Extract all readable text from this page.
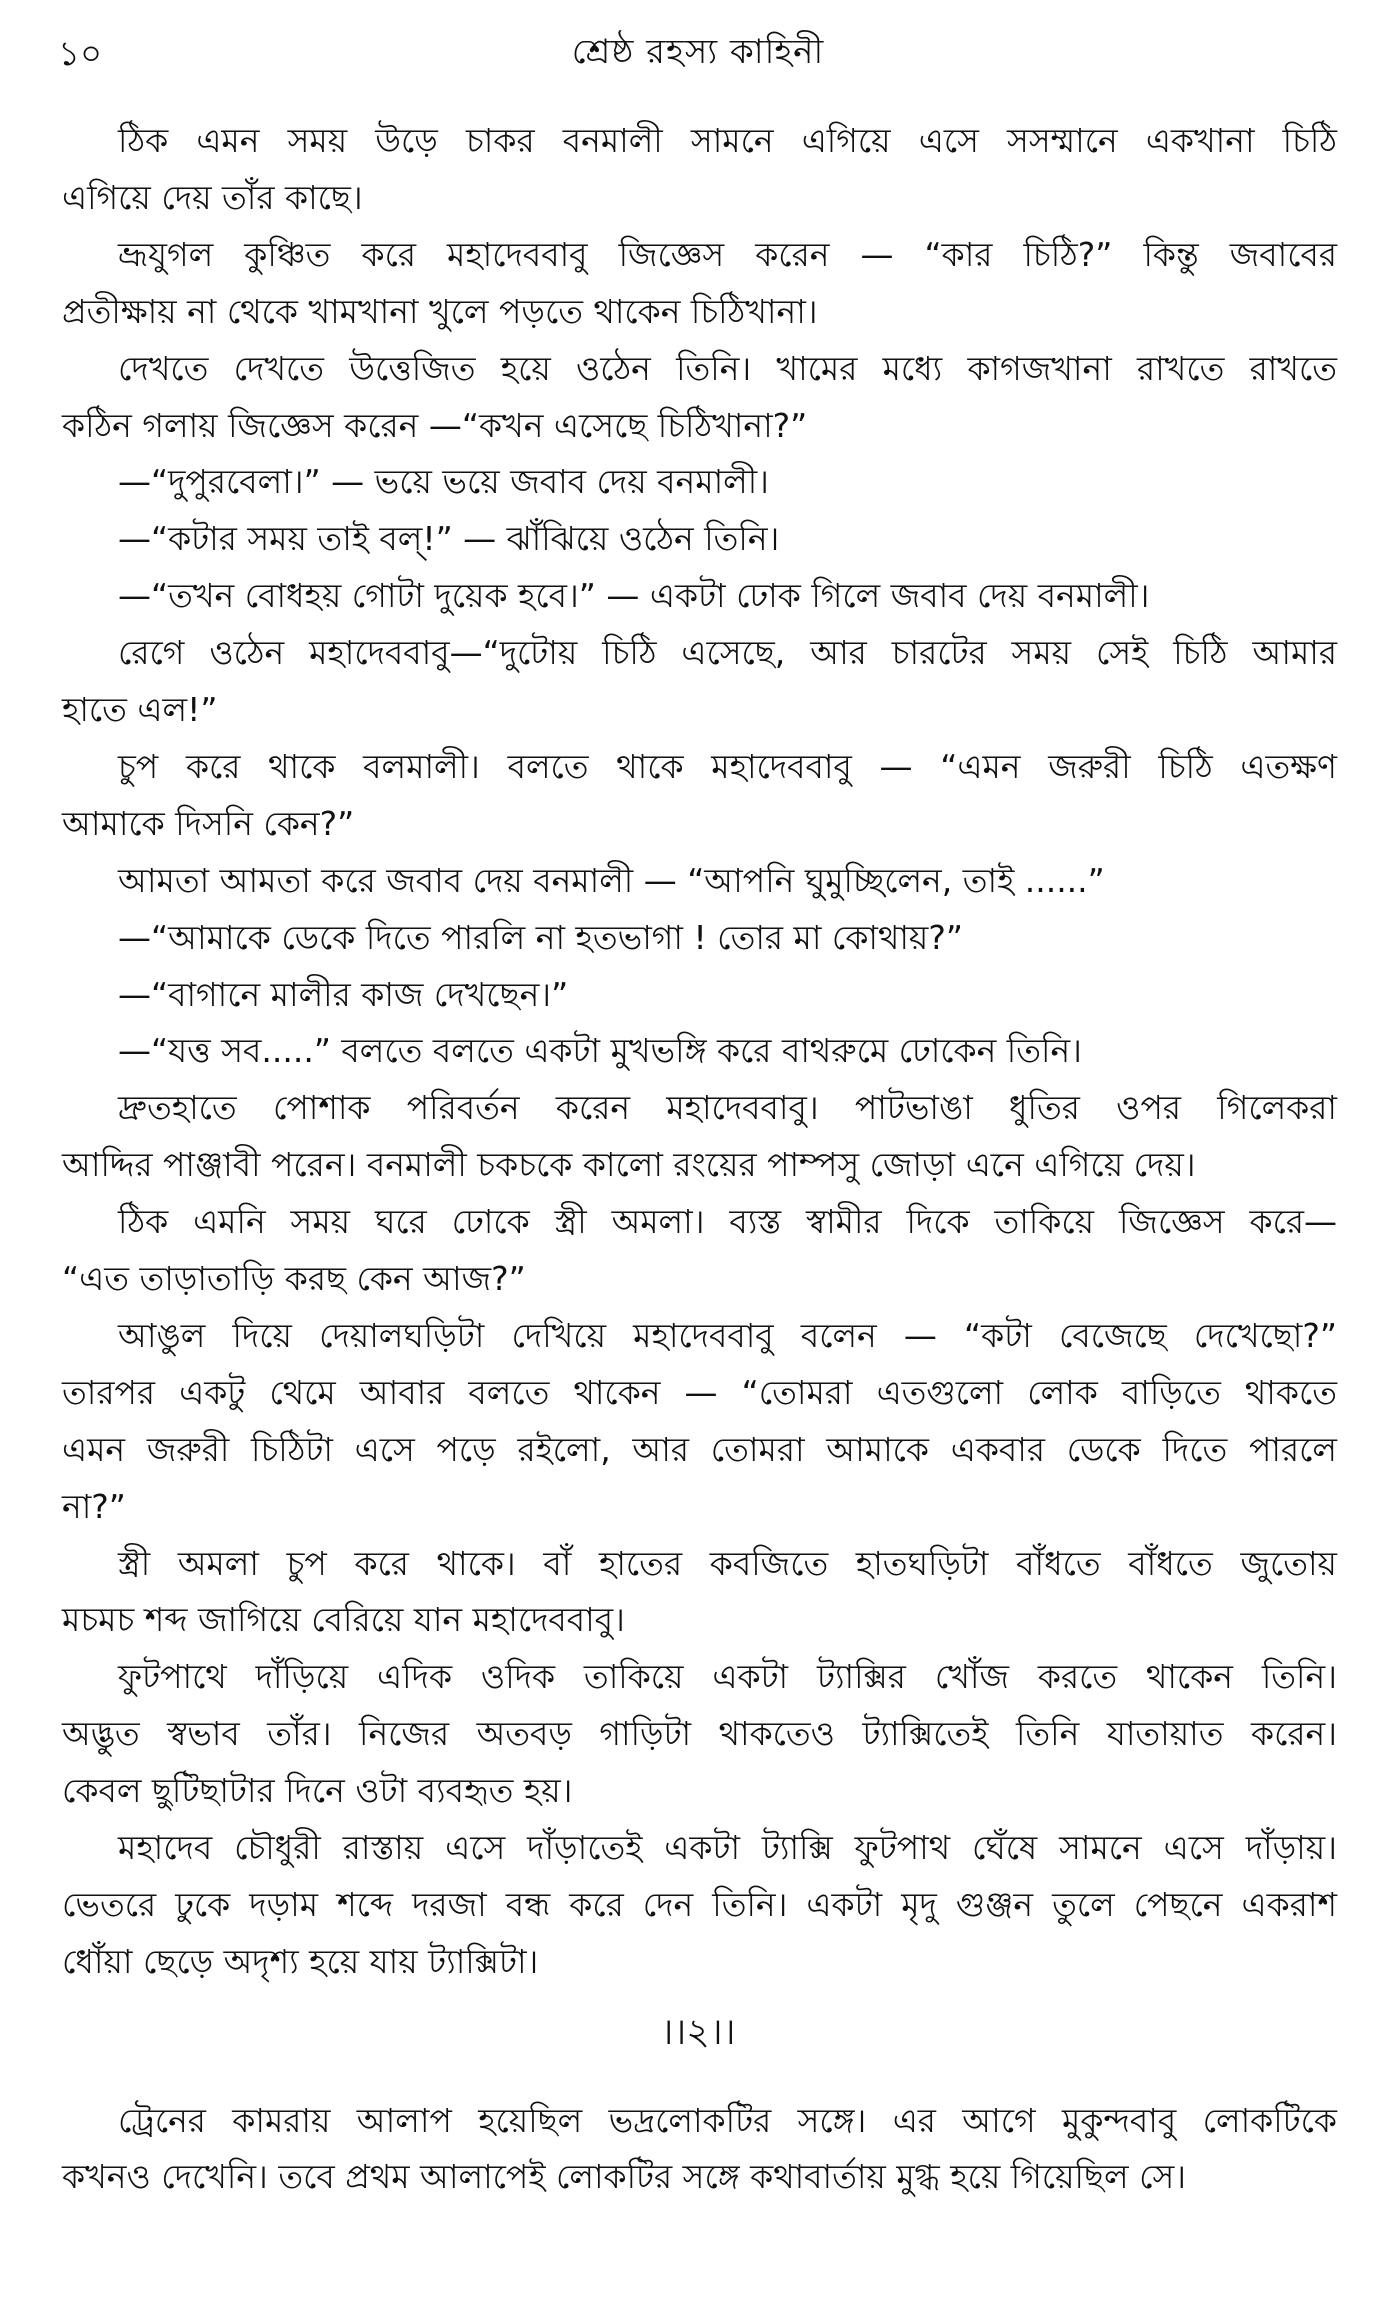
১০	শ্রেষ্ঠ রহস্য কাহিনী
ঠিক এমন সময় উড়ে চাকর বনমালী সামনে এগিয়ে এসে সসম্মানে একখানা চিঠি
এগিয়ে দেয় তাঁর কাছে।
ভ্রূযুগল কুঞ্চিত করে মহাদেববাবু জিজ্ঞেস করেন — “কার চিঠি?” কিন্তু জবাবের
প্রতীক্ষায় না থেকে খামখানা খুলে পড়তে থাকেন চিঠিখানা।
দেখতে দেখতে উত্তেজিত হয়ে ওঠেন তিনি। খামের মধ্যে কাগজখানা রাখতে রাখতে
কঠিন গলায় জিজ্ঞেস করেন —“কখন এসেছে চিঠিখানা?”
—“দুপুরবেলা।” — ভয়ে ভয়ে জবাব দেয় বনমালী।
—“কটার সময় তাই বল্!” — ঝাঁঝিয়ে ওঠেন তিনি।
—“তখন বোধহয় গোটা দুয়েক হবে।” — একটা ঢোক গিলে জবাব দেয় বনমালী।
রেগে ওঠেন মহাদেববাবু—“দুটোয় চিঠি এসেছে, আর চারটের সময় সেই চিঠি আমার
হাতে এল!”
চুপ করে থাকে বলমালী। বলতে থাকে মহাদেববাবু — “এমন জরুরী চিঠি এতক্ষণ
আমাকে দিসনি কেন?”
আমতা আমতা করে জবাব দেয় বনমালী — “আপনি ঘুমুচ্ছিলেন, তাই ......”
—“আমাকে ডেকে দিতে পারলি না হতভাগা ! তোর মা কোথায়?”
—“বাগানে মালীর কাজ দেখছেন।”
—“যত্ত সব.....” বলতে বলতে একটা মুখভঙ্গি করে বাথরুমে ঢোকেন তিনি।
দ্রুতহাতে পোশাক পরিবর্তন করেন মহাদেববাবু। পাটভাঙা ধুতির ওপর গিলেকরা
আদ্দির পাঞ্জাবী পরেন। বনমালী চকচকে কালো রংয়ের পাম্পসু জোড়া এনে এগিয়ে দেয়।
ঠিক এমনি সময় ঘরে ঢোকে স্ত্রী অমলা। ব্যস্ত স্বামীর দিকে তাকিয়ে জিজ্ঞেস করে—
“এত তাড়াতাড়ি করছ কেন আজ?”
আঙুল দিয়ে দেয়ালঘড়িটা দেখিয়ে মহাদেববাবু বলেন — “কটা বেজেছে দেখেছো?”
তারপর একটু থেমে আবার বলতে থাকেন — “তোমরা এতগুলো লোক বাড়িতে থাকতে
এমন জরুরী চিঠিটা এসে পড়ে রইলো, আর তোমরা আমাকে একবার ডেকে দিতে পারলে
না?”
স্ত্রী অমলা চুপ করে থাকে। বাঁ হাতের কবজিতে হাতঘড়িটা বাঁধতে বাঁধতে জুতোয়
মচমচ শব্দ জাগিয়ে বেরিয়ে যান মহাদেববাবু।
ফুটপাথে দাঁড়িয়ে এদিক ওদিক তাকিয়ে একটা ট্যাক্সির খোঁজ করতে থাকেন তিনি।
অদ্ভুত স্বভাব তাঁর। নিজের অতবড় গাড়িটা থাকতেও ট্যাক্সিতেই তিনি যাতায়াত করেন।
কেবল ছুটিছাটার দিনে ওটা ব্যবহৃত হয়।
মহাদেব চৌধুরী রাস্তায় এসে দাঁড়াতেই একটা ট্যাক্সি ফুটপাথ ঘেঁষে সামনে এসে দাঁড়ায়।
ভেতরে ঢুকে দড়াম শব্দে দরজা বন্ধ করে দেন তিনি। একটা মৃদু গুঞ্জন তুলে পেছনে একরাশ
ধোঁয়া ছেড়ে অদৃশ্য হয়ে যায় ট্যাক্সিটা।
।।২।।
ট্রেনের কামরায় আলাপ হয়েছিল ভদ্রলোকটির সঙ্গে। এর আগে মুকুন্দবাবু লোকটিকে
কখনও দেখেনি। তবে প্রথম আলাপেই লোকটির সঙ্গে কথাবার্তায় মুগ্ধ হয়ে গিয়েছিল সে।
